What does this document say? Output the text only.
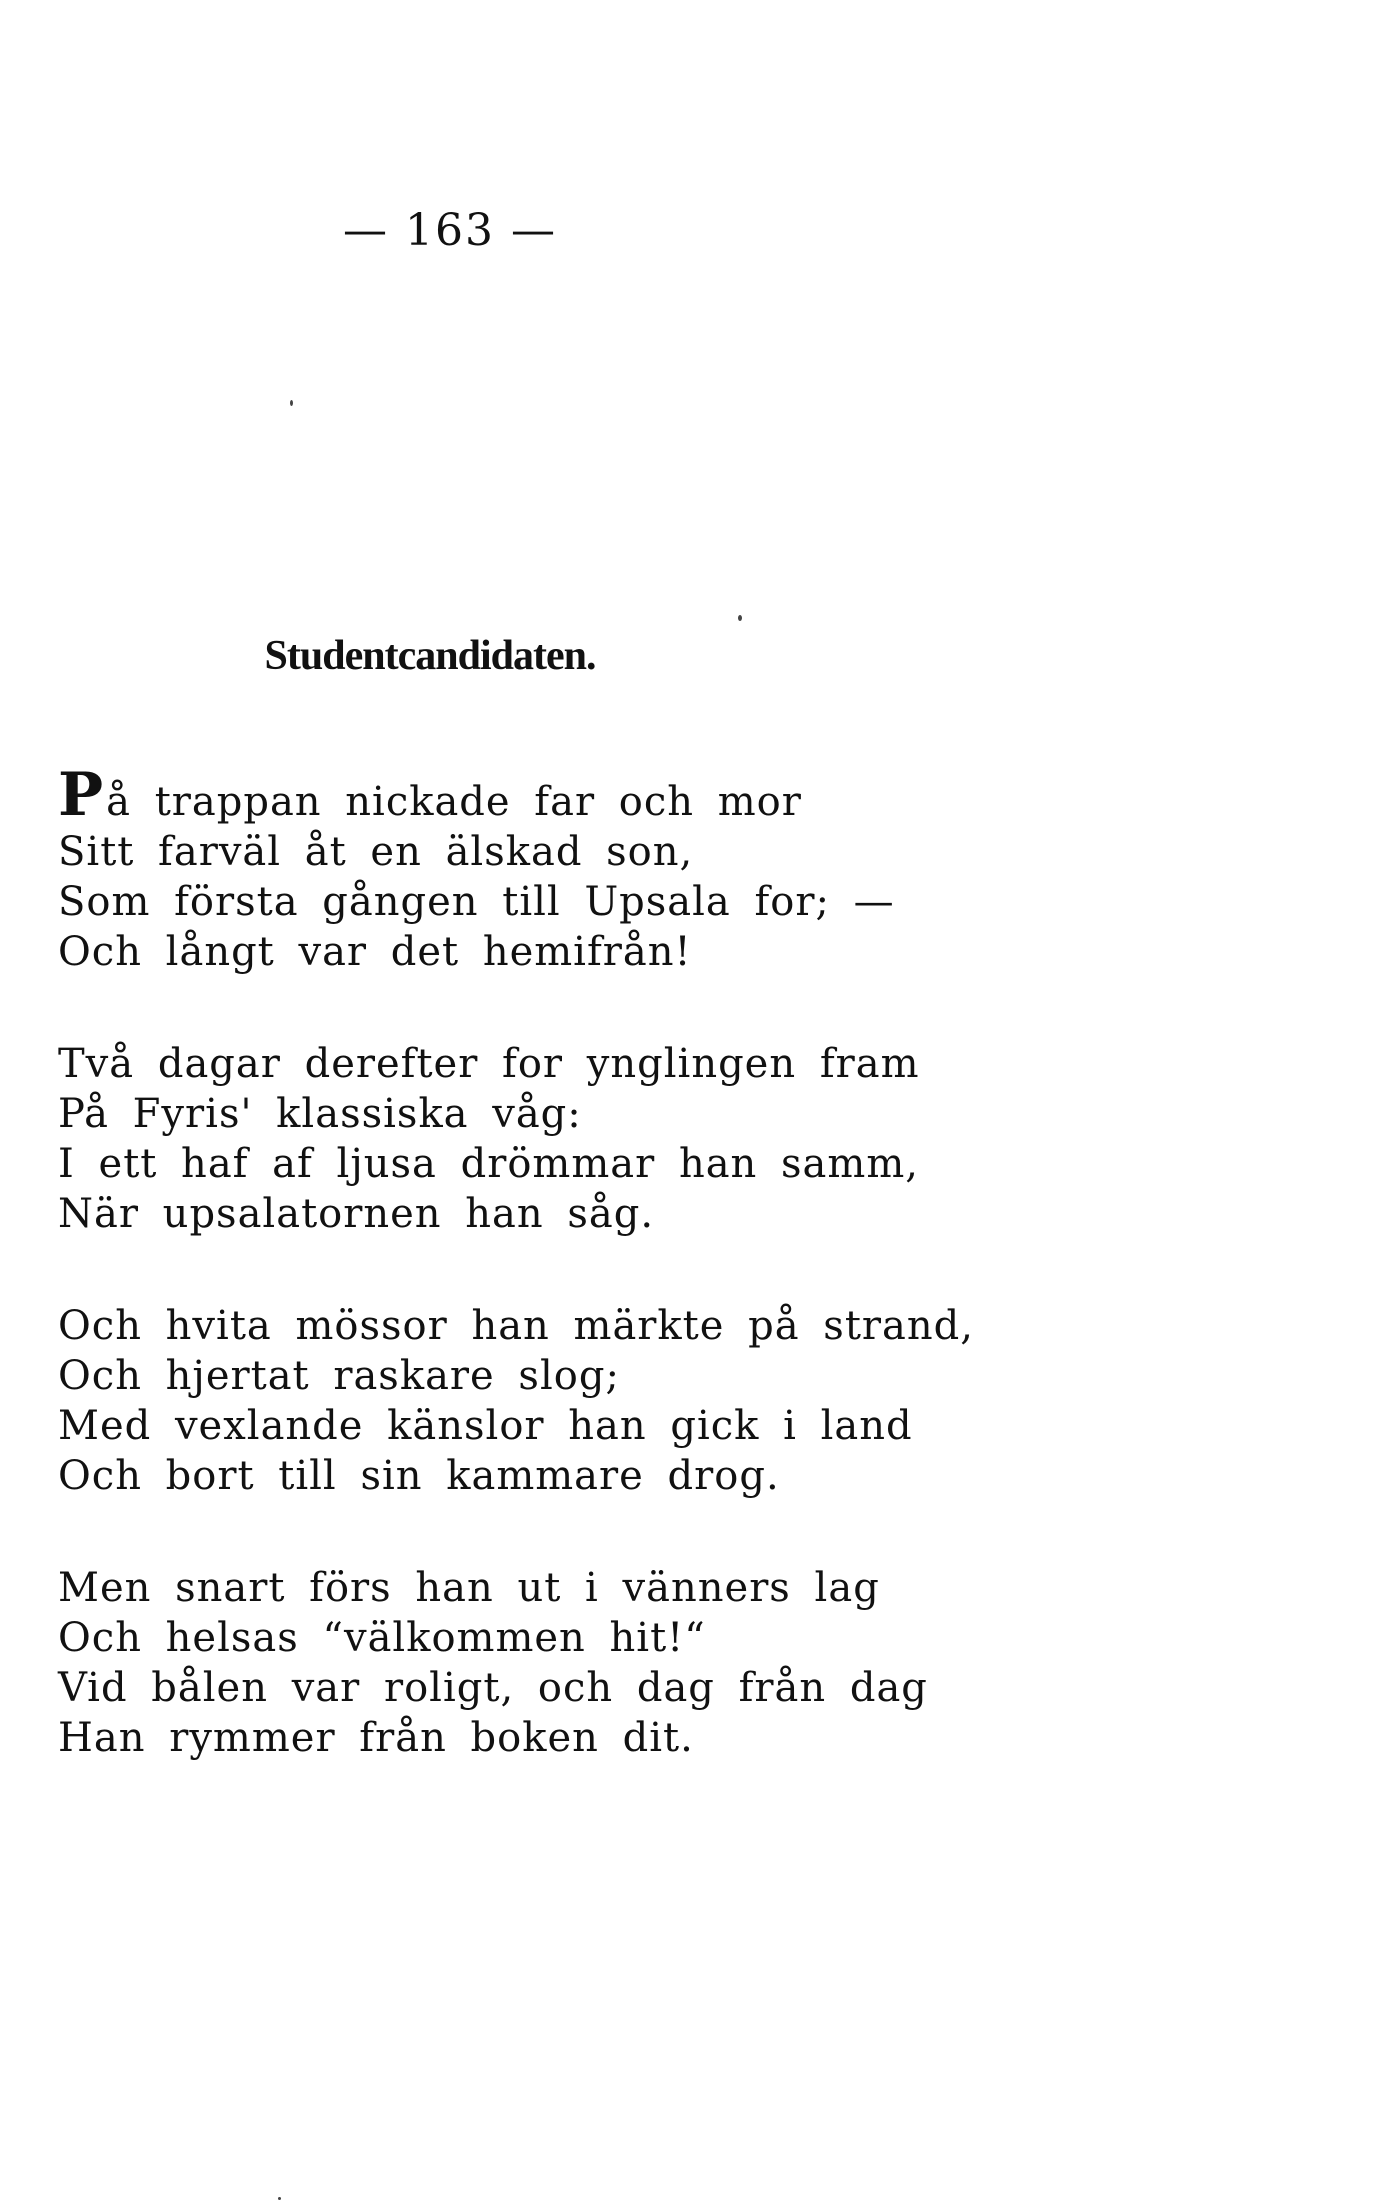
— 163 —
Studentcandidaten.
På trappan nickade far och mor
Sitt farväl åt en älskad son,
Som första gången till Upsala for; —
Och långt var det hemifrån!
Två dagar derefter for ynglingen fram
På Fyris' klassiska våg:
I ett haf af ljusa drömmar han samm,
När upsalatornen han såg.
Och hvita mössor han märkte på strand,
Och hjertat raskare slog;
Med vexlande känslor han gick i land
Och bort till sin kammare drog.
Men snart förs han ut i vänners lag
Och helsas “välkommen hit!“
Vid bålen var roligt, och dag från dag
Han rymmer från boken dit.
